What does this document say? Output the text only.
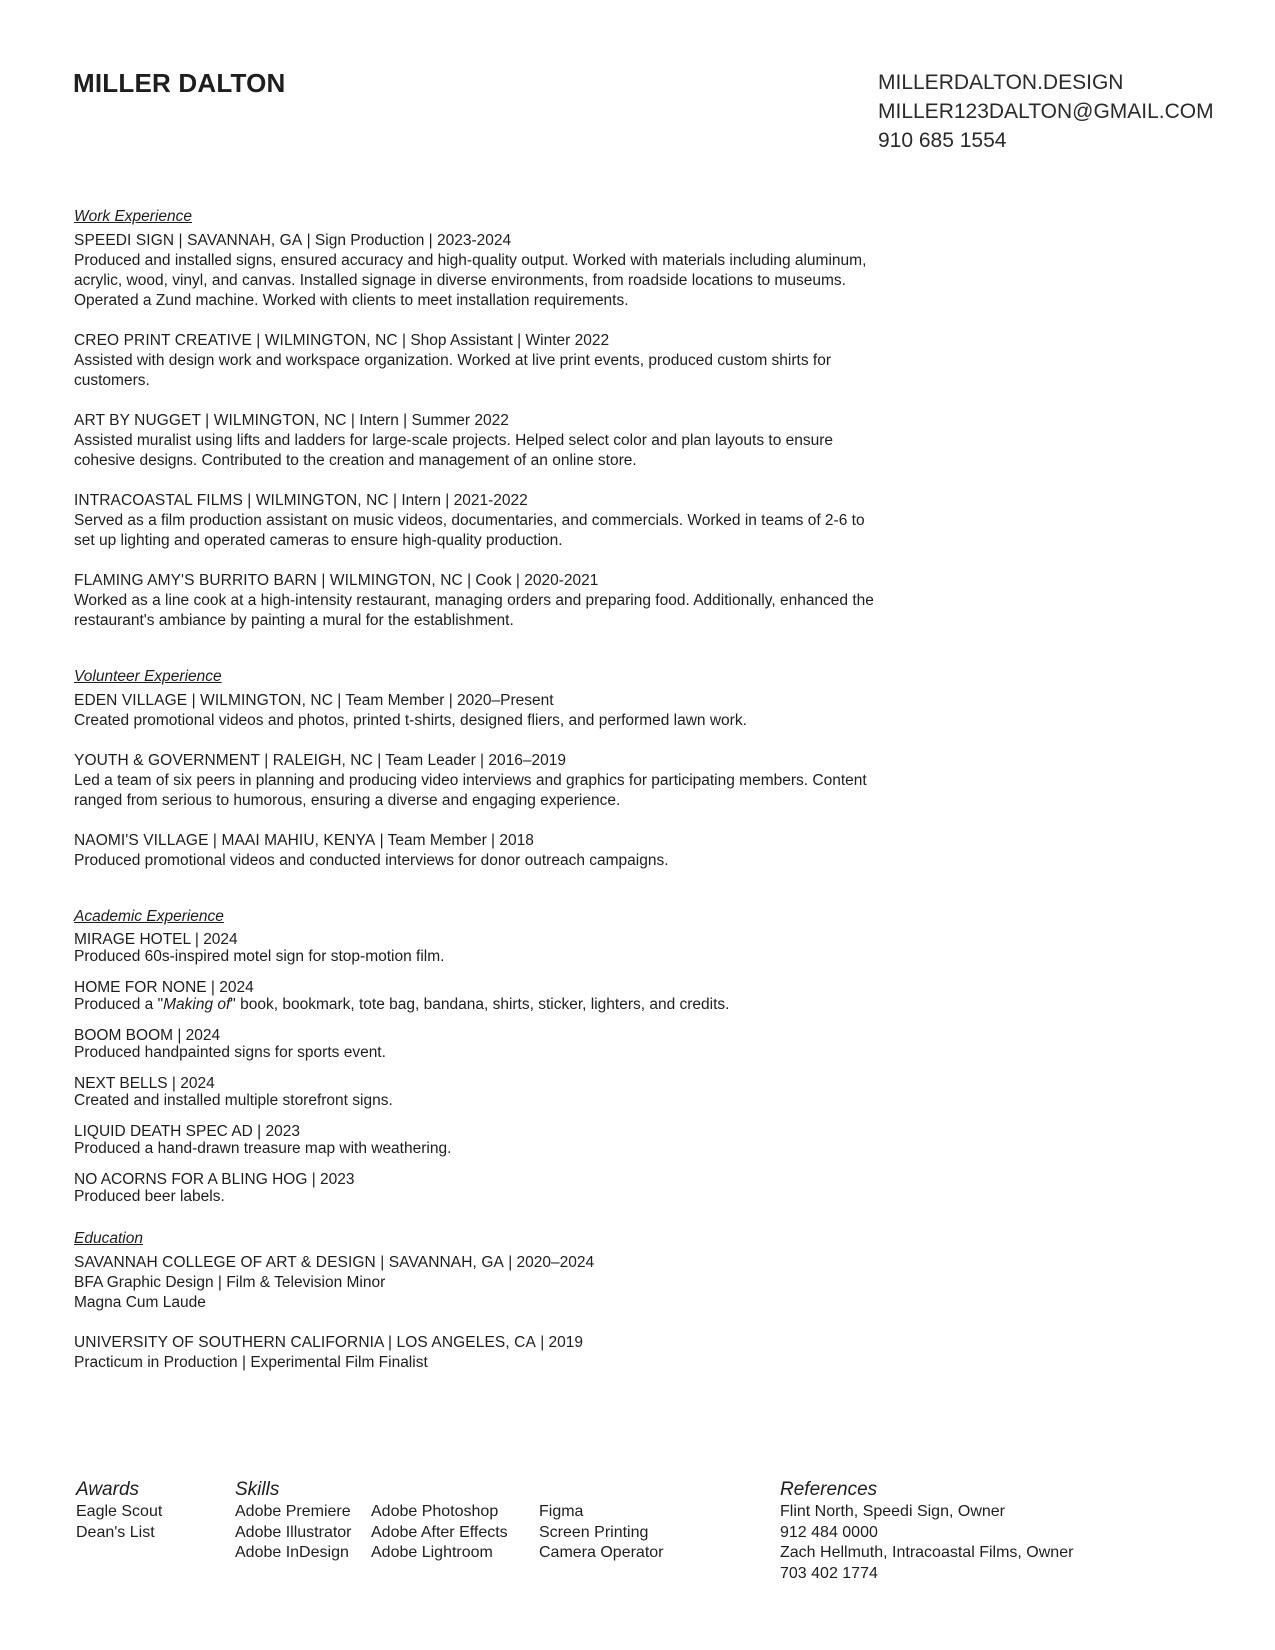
MILLER DALTON	MILLERDALTON.DESIGN
MILLER123DALTON@GMAIL.COM
910 685 1554
Work Experience
SPEEDI SIGN | SAVANNAH, GA | Sign Production | 2023-2024

Produced and installed signs, ensured accuracy and high-quality output. Worked with materials including aluminum, acrylic, wood, vinyl, and canvas. Installed signage in diverse environments, from roadside locations to museums. Operated a Zund machine. Worked with clients to meet installation requirements.

CREO PRINT CREATIVE | WILMINGTON, NC | Shop Assistant | Winter 2022

Assisted with design work and workspace organization. Worked at live print events, produced custom shirts for customers.

ART BY NUGGET | WILMINGTON, NC | Intern | Summer 2022

Assisted muralist using lifts and ladders for large-scale projects. Helped select color and plan layouts to ensure cohesive designs. Contributed to the creation and management of an online store.

INTRACOASTAL FILMS | WILMINGTON, NC | Intern | 2021-2022

Served as a film production assistant on music videos, documentaries, and commercials. Worked in teams of 2-6 to set up lighting and operated cameras to ensure high-quality production.

FLAMING AMY'S BURRITO BARN | WILMINGTON, NC | Cook | 2020-2021

Worked as a line cook at a high-intensity restaurant, managing orders and preparing food. Additionally, enhanced the restaurant's ambiance by painting a mural for the establishment.

Volunteer Experience
EDEN VILLAGE | WILMINGTON, NC | Team Member | 2020–Present

Created promotional videos and photos, printed t-shirts, designed fliers, and performed lawn work.

YOUTH & GOVERNMENT | RALEIGH, NC | Team Leader | 2016–2019

Led a team of six peers in planning and producing video interviews and graphics for participating members. Content ranged from serious to humorous, ensuring a diverse and engaging experience.

NAOMI'S VILLAGE | MAAI MAHIU, KENYA | Team Member | 2018

Produced promotional videos and conducted interviews for donor outreach campaigns.

Academic Experience
MIRAGE HOTEL | 2024

Produced 60s-inspired motel sign for stop-motion film.

HOME FOR NONE | 2024

Produced a "Making of" book, bookmark, tote bag, bandana, shirts, sticker, lighters, and credits.

BOOM BOOM | 2024

Produced handpainted signs for sports event.

NEXT BELLS | 2024

Created and installed multiple storefront signs.

LIQUID DEATH SPEC AD | 2023

Produced a hand-drawn treasure map with weathering.

NO ACORNS FOR A BLING HOG | 2023

Produced beer labels.

Education
SAVANNAH COLLEGE OF ART & DESIGN | SAVANNAH, GA | 2020–2024
BFA Graphic Design | Film & Television Minor
Magna Cum Laude
UNIVERSITY OF SOUTHERN CALIFORNIA | LOS ANGELES, CA | 2019
Practicum in Production | Experimental Film Finalist
Awards
Eagle Scout
Dean's List
Skills
Adobe Premiere
Adobe Illustrator
Adobe InDesign
Adobe Photoshop
Adobe After Effects
Adobe Lightroom
Figma
Screen Printing
Camera Operator
References
Flint North, Speedi Sign, Owner
912 484 0000
Zach Hellmuth, Intracoastal Films, Owner
703 402 1774
